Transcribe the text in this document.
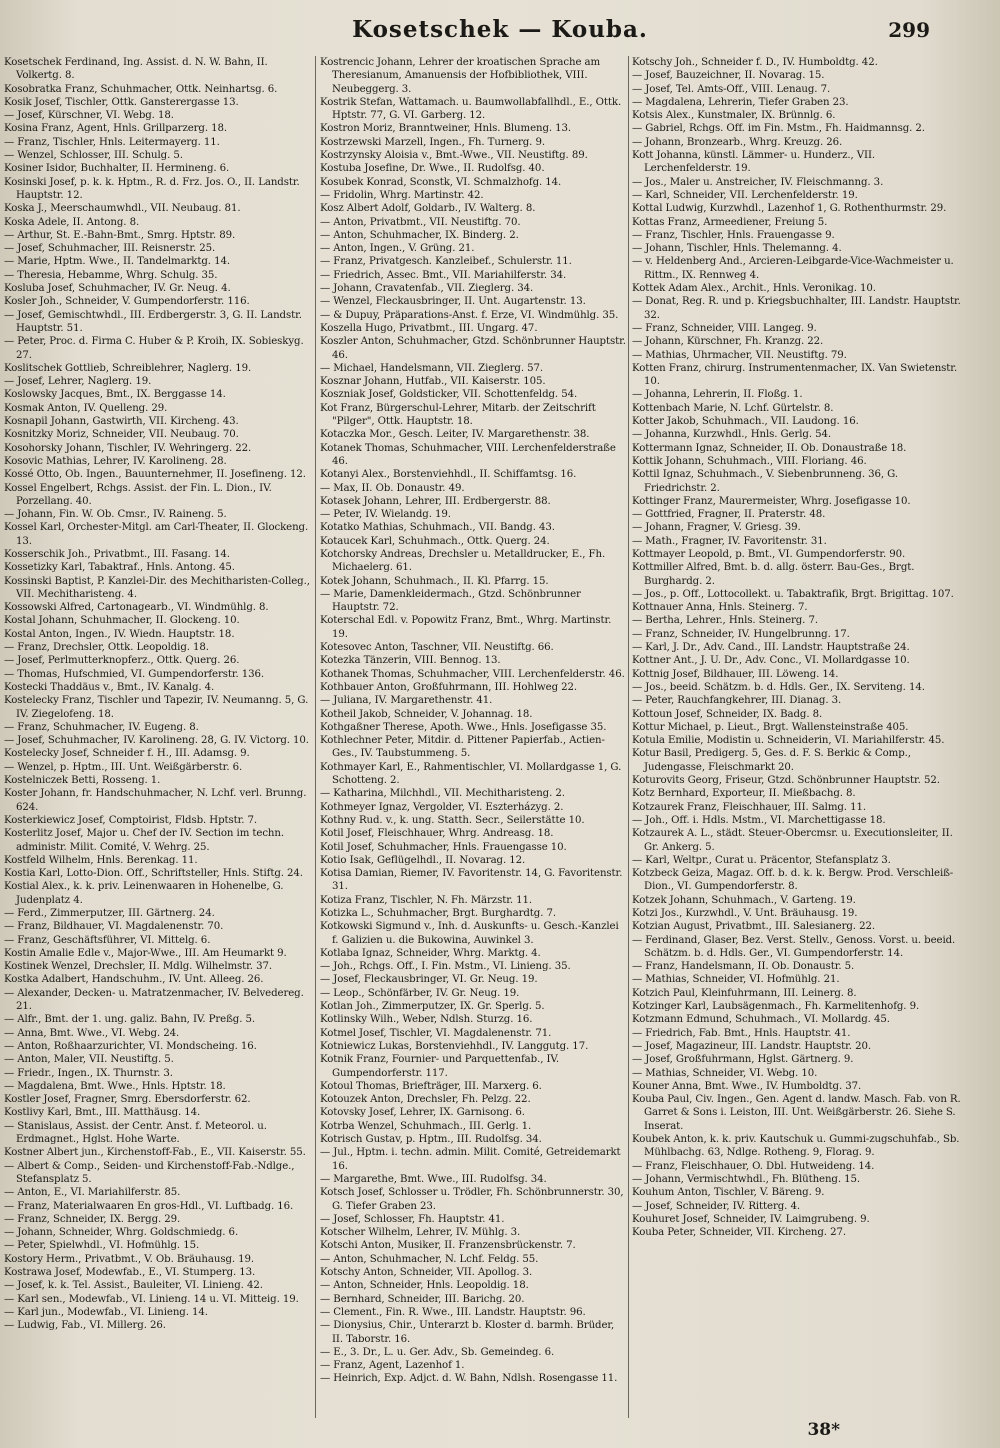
Kosetschek — Kouba.	299

Kosetschek Ferdinand, Ing. Assist. d. N. W. Bahn, II. Volkertg. 8.

Kosobratka Franz, Schuhmacher, Ottk. Neinhartsg. 6.

Kosik Josef, Tischler, Ottk. Gansterergasse 13.

— Josef, Kürschner, VI. Webg. 18.

Kosina Franz, Agent, Hnls. Grillparzerg. 18.

— Franz, Tischler, Hnls. Leitermayerg. 11.

— Wenzel, Schlosser, III. Schulg. 5.

Kosiner Isidor, Buchhalter, II. Hermineng. 6.

Kosinski Josef, p. k. k. Hptm., R. d. Frz. Jos. O., II. Landstr. Hauptstr. 12.

Koska J., Meerschaumwhdl., VII. Neubaug. 81.

Koska Adele, II. Antong. 8.

— Arthur, St. E.-Bahn-Bmt., Smrg. Hptstr. 89.

— Josef, Schuhmacher, III. Reisnerstr. 25.

— Marie, Hptm. Wwe., II. Tandelmarktg. 14.

— Theresia, Hebamme, Whrg. Schulg. 35.

Kosluba Josef, Schuhmacher, IV. Gr. Neug. 4.

Kosler Joh., Schneider, V. Gumpendorferstr. 116.

— Josef, Gemischtwhdl., III. Erdbergerstr. 3, G. II. Landstr. Hauptstr. 51.

— Peter, Proc. d. Firma C. Huber & P. Kroih, IX. Sobieskyg. 27.

Koslitschek Gottlieb, Schreiblehrer, Naglerg. 19.

— Josef, Lehrer, Naglerg. 19.

Koslowsky Jacques, Bmt., IX. Berggasse 14.

Kosmak Anton, IV. Quelleng. 29.

Kosnapil Johann, Gastwirth, VII. Kircheng. 43.

Kosnitzky Moriz, Schneider, VII. Neubaug. 70.

Kosohorsky Johann, Tischler, IV. Wehringerg. 22.

Kosovic Mathias, Lehrer, IV. Karolineng. 28.

Kossé Otto, Ob. Ingen., Bauunternehmer, II. Josefineng. 12.

Kossel Engelbert, Rchgs. Assist. der Fin. L. Dion., IV. Porzellang. 40.

— Johann, Fin. W. Ob. Cmsr., IV. Raineng. 5.

Kossel Karl, Orchester-Mitgl. am Carl-Theater, II. Glockeng. 13.

Kosserschik Joh., Privatbmt., III. Fasang. 14.

Kossetizky Karl, Tabaktraf., Hnls. Antong. 45.

Kossinski Baptist, P. Kanzlei-Dir. des Mechitharisten-Colleg., VII. Mechitharisteng. 4.

Kossowski Alfred, Cartonagearb., VI. Windmühlg. 8.

Kostal Johann, Schuhmacher, II. Glockeng. 10.

Kostal Anton, Ingen., IV. Wiedn. Hauptstr. 18.

— Franz, Drechsler, Ottk. Leopoldig. 18.

— Josef, Perlmutterknopferz., Ottk. Querg. 26.

— Thomas, Hufschmied, VI. Gumpendorferstr. 136.

Kostecki Thaddäus v., Bmt., IV. Kanalg. 4.

Kostelecky Franz, Tischler und Tapezir, IV. Neumanng. 5, G. IV. Ziegelofeng. 18.

— Franz, Schuhmacher, IV. Eugeng. 8.

— Josef, Schuhmacher, IV. Karolineng. 28, G. IV. Victorg. 10.

Kostelecky Josef, Schneider f. H., III. Adamsg. 9.

— Wenzel, p. Hptm., III. Unt. Weißgärberstr. 6.

Kostelniczek Betti, Rosseng. 1.

Koster Johann, fr. Handschuhmacher, N. Lchf. verl. Brunng. 624.

Kosterkiewicz Josef, Comptoirist, Fldsb. Hptstr. 7.

Kosterlitz Josef, Major u. Chef der IV. Section im techn. administr. Milit. Comité, V. Wehrg. 25.

Kostfeld Wilhelm, Hnls. Berenkag. 11.

Kostia Karl, Lotto-Dion. Off., Schriftsteller, Hnls. Stiftg. 24.

Kostial Alex., k. k. priv. Leinenwaaren in Hohenelbe, G. Judenplatz 4.

— Ferd., Zimmerputzer, III. Gärtnerg. 24.

— Franz, Bildhauer, VI. Magdalenenstr. 70.

— Franz, Geschäftsführer, VI. Mittelg. 6.

Kostin Amalie Edle v., Major-Wwe., III. Am Heumarkt 9.

Kostinek Wenzel, Drechsler, II. Mdlg. Wilhelmstr. 37.

Kostka Adalbert, Handschuhm., IV. Unt. Alleeg. 26.

— Alexander, Decken- u. Matratzenmacher, IV. Belvedereg. 21.

— Alfr., Bmt. der 1. ung. galiz. Bahn, IV. Preßg. 5.

— Anna, Bmt. Wwe., VI. Webg. 24.

— Anton, Roßhaarzurichter, VI. Mondscheing. 16.

— Anton, Maler, VII. Neustiftg. 5.

— Friedr., Ingen., IX. Thurnstr. 3.

— Magdalena, Bmt. Wwe., Hnls. Hptstr. 18.

Kostler Josef, Fragner, Smrg. Ebersdorferstr. 62.

Kostlivy Karl, Bmt., III. Matthäusg. 14.

— Stanislaus, Assist. der Centr. Anst. f. Meteorol. u. Erdmagnet., Hglst. Hohe Warte.

Kostner Albert jun., Kirchenstoff-Fab., E., VII. Kaiserstr. 55.

— Albert & Comp., Seiden- und Kirchenstoff-Fab.-Ndlge., Stefansplatz 5.

— Anton, E., VI. Mariahilferstr. 85.

— Franz, Materialwaaren En gros-Hdl., VI. Luftbadg. 16.

— Franz, Schneider, IX. Bergg. 29.

— Johann, Schneider, Whrg. Goldschmiedg. 6.

— Peter, Spielwhdl., VI. Hofmühlg. 15.

Kostory Herm., Privatbmt., V. Ob. Bräuhausg. 19.

Kostrawa Josef, Modewfab., E., VI. Stumperg. 13.

— Josef, k. k. Tel. Assist., Bauleiter, VI. Linieng. 42.

— Karl sen., Modewfab., VI. Linieng. 14 u. VI. Mitteig. 19.

— Karl jun., Modewfab., VI. Linieng. 14.

— Ludwig, Fab., VI. Millerg. 26.

Kostrencic Johann, Lehrer der kroatischen Sprache am Theresianum, Amanuensis der Hofbibliothek, VIII. Neubeggerg. 3.

Kostrik Stefan, Wattamach. u. Baumwollabfallhdl., E., Ottk. Hptstr. 77, G. VI. Garberg. 12.

Kostron Moriz, Branntweiner, Hnls. Blumeng. 13.

Kostrzewski Marzell, Ingen., Fh. Turnerg. 9.

Kostrzynsky Aloisia v., Bmt.-Wwe., VII. Neustiftg. 89.

Kostuba Josefine, Dr. Wwe., II. Rudolfsg. 40.

Kosubek Konrad, Sconstk, VI. Schmalzhofg. 14.

— Fridolin, Whrg. Martinstr. 42.

Kosz Albert Adolf, Goldarb., IV. Walterg. 8.

— Anton, Privatbmt., VII. Neustiftg. 70.

— Anton, Schuhmacher, IX. Binderg. 2.

— Anton, Ingen., V. Grüng. 21.

— Franz, Privatgesch. Kanzleibef., Schulerstr. 11.

— Friedrich, Assec. Bmt., VII. Mariahilferstr. 34.

— Johann, Cravatenfab., VII. Zieglerg. 34.

— Wenzel, Fleckausbringer, II. Unt. Augartenstr. 13.

— & Dupuy, Präparations-Anst. f. Erze, VI. Windmühlg. 35.

Koszella Hugo, Privatbmt., III. Ungarg. 47.

Koszler Anton, Schuhmacher, Gtzd. Schönbrunner Hauptstr. 46.

— Michael, Handelsmann, VII. Zieglerg. 57.

Kosznar Johann, Hutfab., VII. Kaiserstr. 105.

Koszniak Josef, Goldsticker, VII. Schottenfeldg. 54.

Kot Franz, Bürgerschul-Lehrer, Mitarb. der Zeitschrift "Pilger", Ottk. Hauptstr. 18.

Kotaczka Mor., Gesch. Leiter, IV. Margarethenstr. 38.

Kotanek Thomas, Schuhmacher, VIII. Lerchenfelderstraße 46.

Kotanyi Alex., Borstenviehhdl., II. Schiffamtsg. 16.

— Max, II. Ob. Donaustr. 49.

Kotasek Johann, Lehrer, III. Erdbergerstr. 88.

— Peter, IV. Wielandg. 19.

Kotatko Mathias, Schuhmach., VII. Bandg. 43.

Kotaucek Karl, Schuhmach., Ottk. Querg. 24.

Kotchorsky Andreas, Drechsler u. Metalldrucker, E., Fh. Michaelerg. 61.

Kotek Johann, Schuhmach., II. Kl. Pfarrg. 15.

— Marie, Damenkleidermach., Gtzd. Schönbrunner Hauptstr. 72.

Koterschal Edl. v. Popowitz Franz, Bmt., Whrg. Martinstr. 19.

Kotesovec Anton, Taschner, VII. Neustiftg. 66.

Kotezka Tänzerin, VIII. Bennog. 13.

Kothanek Thomas, Schuhmacher, VIII. Lerchenfelderstr. 46.

Kothbauer Anton, Großfuhrmann, III. Hohlweg 22.

— Juliana, IV. Margarethenstr. 41.

Kotheil Jakob, Schneider, V. Johannag. 18.

Kothgaßner Therese, Apoth. Wwe., Hnls. Josefigasse 35.

Kothlechner Peter, Mitdir. d. Pittener Papierfab., Actien-Ges., IV. Taubstummeng. 5.

Kothmayer Karl, E., Rahmentischler, VI. Mollardgasse 1, G. Schotteng. 2.

— Katharina, Milchhdl., VII. Mechitharisteng. 2.

Kothmeyer Ignaz, Vergolder, VI. Eszterházyg. 2.

Kothny Rud. v., k. ung. Statth. Secr., Seilerstätte 10.

Kotil Josef, Fleischhauer, Whrg. Andreasg. 18.

Kotil Josef, Schuhmacher, Hnls. Frauengasse 10.

Kotio Isak, Geflügelhdl., II. Novarag. 12.

Kotisa Damian, Riemer, IV. Favoritenstr. 14, G. Favoritenstr. 31.

Kotiza Franz, Tischler, N. Fh. Märzstr. 11.

Kotizka L., Schuhmacher, Brgt. Burghardtg. 7.

Kotkowski Sigmund v., Inh. d. Auskunfts- u. Gesch.-Kanzlei f. Galizien u. die Bukowina, Auwinkel 3.

Kotlaba Ignaz, Schneider, Whrg. Marktg. 4.

— Joh., Rchgs. Off., I. Fin. Mstm., VI. Linieng. 35.

— Josef, Fleckausbringer, VI. Gr. Neug. 19.

— Leop., Schönfärber, IV. Gr. Neug. 19.

Kotlan Joh., Zimmerputzer, IX. Gr. Sperlg. 5.

Kotlinsky Wilh., Weber, Ndlsh. Sturzg. 16.

Kotmel Josef, Tischler, VI. Magdalenenstr. 71.

Kotniewicz Lukas, Borstenviehhdl., IV. Langgutg. 17.

Kotnik Franz, Fournier- und Parquettenfab., IV. Gumpendorferstr. 117.

Kotoul Thomas, Briefträger, III. Marxerg. 6.

Kotouzek Anton, Drechsler, Fh. Pelzg. 22.

Kotovsky Josef, Lehrer, IX. Garnisong. 6.

Kotrba Wenzel, Schuhmach., III. Gerlg. 1.

Kotrisch Gustav, p. Hptm., III. Rudolfsg. 34.

— Jul., Hptm. i. techn. admin. Milit. Comité, Getreidemarkt 16.

— Margarethe, Bmt. Wwe., III. Rudolfsg. 34.

Kotsch Josef, Schlosser u. Trödler, Fh. Schönbrunnerstr. 30, G. Tiefer Graben 23.

— Josef, Schlosser, Fh. Hauptstr. 41.

Kotscher Wilhelm, Lehrer, IV. Mühlg. 3.

Kotschi Anton, Musiker, II. Franzensbrückenstr. 7.

— Anton, Schuhmacher, N. Lchf. Feldg. 55.

Kotschy Anton, Schneider, VII. Apollog. 3.

— Anton, Schneider, Hnls. Leopoldig. 18.

— Bernhard, Schneider, III. Barichg. 20.

— Clement., Fin. R. Wwe., III. Landstr. Hauptstr. 96.

— Dionysius, Chir., Unterarzt b. Kloster d. barmh. Brüder, II. Taborstr. 16.

— E., 3. Dr., L. u. Ger. Adv., Sb. Gemeindeg. 6.

— Franz, Agent, Lazenhof 1.

— Heinrich, Exp. Adjct. d. W. Bahn, Ndlsh. Rosengasse 11.

Kotschy Joh., Schneider f. D., IV. Humboldtg. 42.

— Josef, Bauzeichner, II. Novarag. 15.

— Josef, Tel. Amts-Off., VIII. Lenaug. 7.

— Magdalena, Lehrerin, Tiefer Graben 23.

Kotsis Alex., Kunstmaler, IX. Brünnlg. 6.

— Gabriel, Rchgs. Off. im Fin. Mstm., Fh. Haidmannsg. 2.

— Johann, Bronzearb., Whrg. Kreuzg. 26.

Kott Johanna, künstl. Lämmer- u. Hunderz., VII. Lerchenfelderstr. 19.

— Jos., Maler u. Anstreicher, IV. Fleischmanng. 3.

— Karl, Schneider, VII. Lerchenfelderstr. 19.

Kottal Ludwig, Kurzwhdl., Lazenhof 1, G. Rothenthurmstr. 29.

Kottas Franz, Armeediener, Freiung 5.

— Franz, Tischler, Hnls. Frauengasse 9.

— Johann, Tischler, Hnls. Thelemanng. 4.

— v. Heldenberg And., Arcieren-Leibgarde-Vice-Wachmeister u. Rittm., IX. Rennweg 4.

Kottek Adam Alex., Archit., Hnls. Veronikag. 10.

— Donat, Reg. R. und p. Kriegsbuchhalter, III. Landstr. Hauptstr. 32.

— Franz, Schneider, VIII. Langeg. 9.

— Johann, Kürschner, Fh. Kranzg. 22.

— Mathias, Uhrmacher, VII. Neustiftg. 79.

Kotten Franz, chirurg. Instrumentenmacher, IX. Van Swietenstr. 10.

— Johanna, Lehrerin, II. Floßg. 1.

Kottenbach Marie, N. Lchf. Gürtelstr. 8.

Kotter Jakob, Schuhmach., VII. Laudong. 16.

— Johanna, Kurzwhdl., Hnls. Gerlg. 54.

Kottermann Ignaz, Schneider, II. Ob. Donaustraße 18.

Kottik Johann, Schuhmach., VIII. Floriang. 46.

Kottil Ignaz, Schuhmach., V. Siebenbrunneng. 36, G. Friedrichstr. 2.

Kottinger Franz, Maurermeister, Whrg. Josefigasse 10.

— Gottfried, Fragner, II. Praterstr. 48.

— Johann, Fragner, V. Griesg. 39.

— Math., Fragner, IV. Favoritenstr. 31.

Kottmayer Leopold, p. Bmt., VI. Gumpendorferstr. 90.

Kottmiller Alfred, Bmt. b. d. allg. österr. Bau-Ges., Brgt. Burghardg. 2.

— Jos., p. Off., Lottocollekt. u. Tabaktrafik, Brgt. Brigittag. 107.

Kottnauer Anna, Hnls. Steinerg. 7.

— Bertha, Lehrer., Hnls. Steinerg. 7.

— Franz, Schneider, IV. Hungelbrunng. 17.

— Karl, J. Dr., Adv. Cand., III. Landstr. Hauptstraße 24.

Kottner Ant., J. U. Dr., Adv. Conc., VI. Mollardgasse 10.

Kottnig Josef, Bildhauer, III. Löweng. 14.

— Jos., beeid. Schätzm. b. d. Hdls. Ger., IX. Serviteng. 14.

— Peter, Rauchfangkehrer, III. Dianag. 3.

Kottoun Josef, Schneider, IX. Badg. 8.

Kottur Michael, p. Lieut., Brgt. Wallensteinstraße 405.

Kotula Emilie, Modistin u. Schneiderin, VI. Mariahilferstr. 45.

Kotur Basil, Predigerg. 5, Ges. d. F. S. Berkic & Comp., Judengasse, Fleischmarkt 20.

Koturovits Georg, Friseur, Gtzd. Schönbrunner Hauptstr. 52.

Kotz Bernhard, Exporteur, II. Mießbachg. 8.

Kotzaurek Franz, Fleischhauer, III. Salmg. 11.

— Joh., Off. i. Hdls. Mstm., VI. Marchettigasse 18.

Kotzaurek A. L., städt. Steuer-Obercmsr. u. Executionsleiter, II. Gr. Ankerg. 5.

— Karl, Weltpr., Curat u. Präcentor, Stefansplatz 3.

Kotzbeck Geiza, Magaz. Off. b. d. k. k. Bergw. Prod. Verschleiß-Dion., VI. Gumpendorferstr. 8.

Kotzek Johann, Schuhmach., V. Garteng. 19.

Kotzi Jos., Kurzwhdl., V. Unt. Bräuhausg. 19.

Kotzian August, Privatbmt., III. Salesianerg. 22.

— Ferdinand, Glaser, Bez. Verst. Stellv., Genoss. Vorst. u. beeid. Schätzm. b. d. Hdls. Ger., VI. Gumpendorferstr. 14.

— Franz, Handelsmann, II. Ob. Donaustr. 5.

— Mathias, Schneider, VI. Hofmühlg. 21.

Kotzich Paul, Kleinfuhrmann, III. Leinerg. 8.

Kotzinger Karl, Laubsägenmach., Fh. Karmelitenhofg. 9.

Kotzmann Edmund, Schuhmach., VI. Mollardg. 45.

— Friedrich, Fab. Bmt., Hnls. Hauptstr. 41.

— Josef, Magazineur, III. Landstr. Hauptstr. 20.

— Josef, Großfuhrmann, Hglst. Gärtnerg. 9.

— Mathias, Schneider, VI. Webg. 10.

Kouner Anna, Bmt. Wwe., IV. Humboldtg. 37.

Kouba Paul, Civ. Ingen., Gen. Agent d. landw. Masch. Fab. von R. Garret & Sons i. Leiston, III. Unt. Weißgärberstr. 26. Siehe S. Inserat.

Koubek Anton, k. k. priv. Kautschuk u. Gummi-zugschuhfab., Sb. Mühlbachg. 63, Ndlge. Rotheng. 9, Florag. 9.

— Franz, Fleischhauer, O. Dbl. Hutweideng. 14.

— Johann, Vermischtwhdl., Fh. Blütheng. 15.

Kouhum Anton, Tischler, V. Bäreng. 9.

— Josef, Schneider, IV. Ritterg. 4.

Kouhuret Josef, Schneider, IV. Laimgrubeng. 9.

Kouba Peter, Schneider, VII. Kircheng. 27.

38*
